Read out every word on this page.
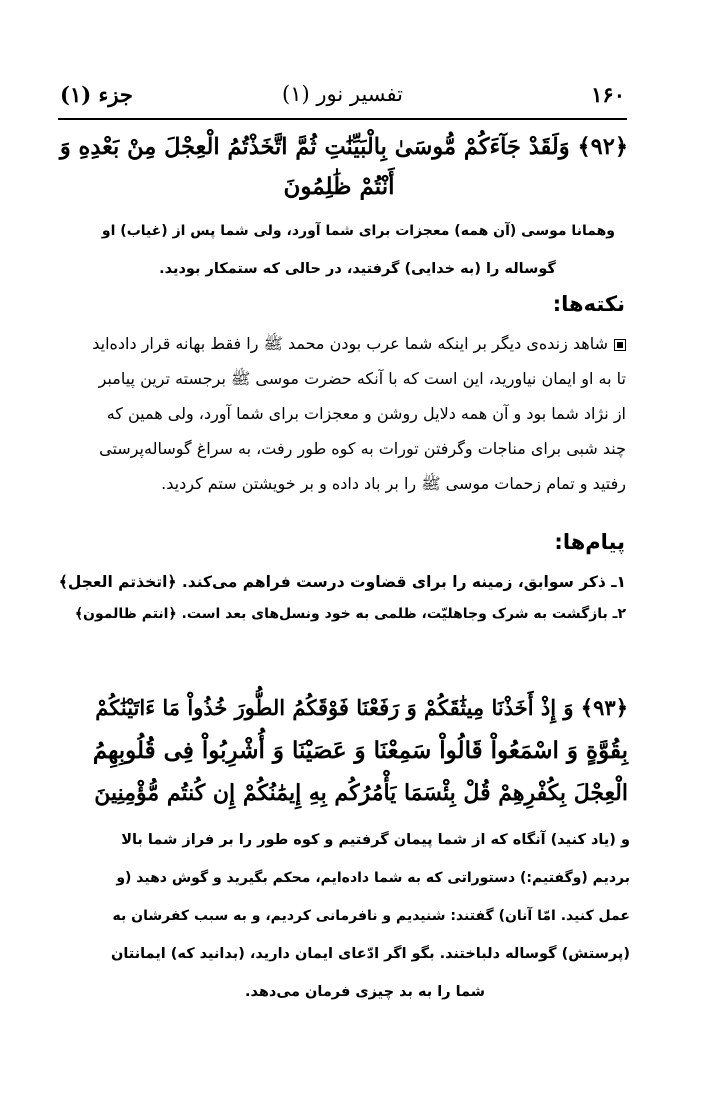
۱۶۰
تفسیر نور (۱)
جزء (۱)
﴿۹۲﴾ وَلَقَدْ جَآءَكُمْ مُّوسَىٰ بِالْبَيِّنَٰتِ ثُمَّ اتَّخَذْتُمُ الْعِجْلَ مِنْ بَعْدِهِ وَ
أَنْتُمْ ظَٰلِمُونَ
وهمانا موسی (آن همه) معجزات برای شما آورد، ولی شما پس از (غیاب) او
گوساله را (به خدایی) گرفتید، در حالی که ستمکار بودید.
نکته‌ها:
شاهد زنده‌ی دیگر بر اینکه شما عرب بودن محمد ﷺ را فقط بهانه قرار داده‌اید
تا به او ایمان نیاورید، این است که با آنکه حضرت موسی ﷺ برجسته ترین پیامبر
از نژاد شما بود و آن همه دلایل روشن و معجزات برای شما آورد، ولی همین که
چند شبی برای مناجات وگرفتن تورات به کوه طور رفت، به سراغ گوساله‌پرستی
رفتید و تمام زحمات موسی ﷺ را بر باد داده و بر خویشتن ستم کردید.
پیام‌ها:
۱ـ ذکر سوابق، زمینه را برای قضاوت درست فراهم می‌کند. ﴿اتخذتم العجل﴾
۲ـ بازگشت به شرک وجاهلیّت، ظلمی به خود ونسل‌های بعد است. ﴿انتم ظالمون﴾
﴿۹۳﴾ وَ إِذْ أَخَذْنَا مِيثَٰقَكُمْ وَ رَفَعْنَا فَوْقَكُمُ الطُّورَ خُذُواْ مَا ءَاتَيْنَٰكُمْ
بِقُوَّةٍ وَ اسْمَعُواْ قَالُواْ سَمِعْنَا وَ عَصَيْنَا وَ أُشْرِبُواْ فِى قُلُوبِهِمُ
الْعِجْلَ بِكُفْرِهِمْ قُلْ بِئْسَمَا يَأْمُرُكُم بِهِ إِيمَٰنُكُمْ إِن كُنتُم مُّؤْمِنِينَ
و (یاد کنید) آنگاه که از شما پیمان گرفتیم و کوه طور را بر فراز شما بالا
بردیم (وگفتیم:) دستوراتی که به شما داده‌ایم، محکم بگیرید و گوش دهید (و
عمل کنید. امّا آنان) گفتند: شنیدیم و نافرمانی کردیم، و به سبب کفرشان به
(پرستش) گوساله دلباختند. بگو اگر ادّعای ایمان دارید، (بدانید که) ایمانتان
شما را به بد چیزی فرمان می‌دهد.
